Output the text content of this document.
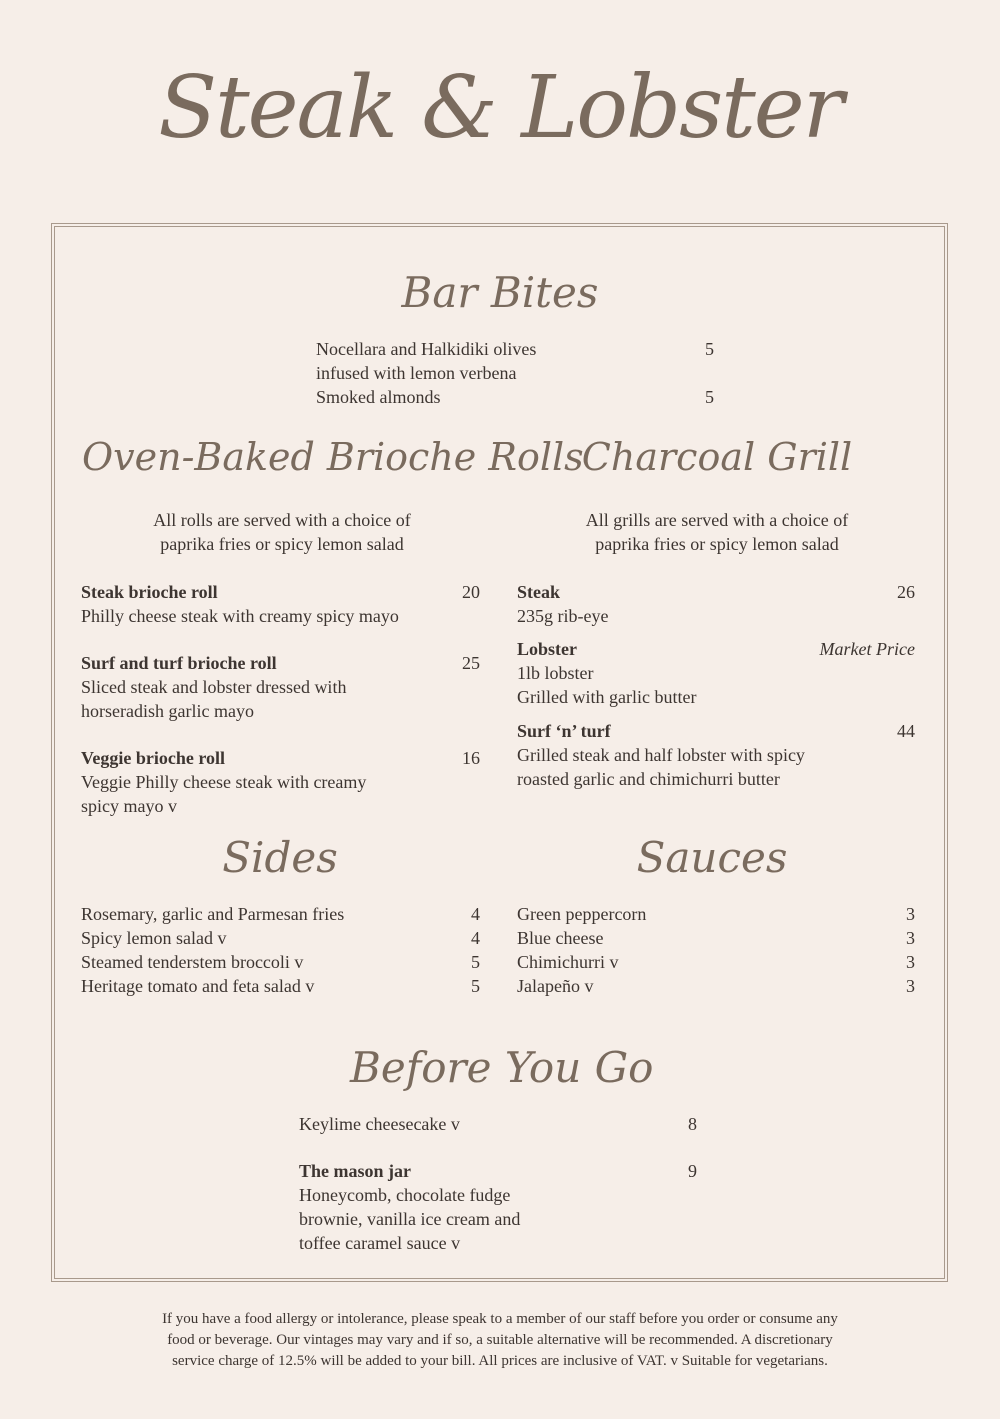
Steak & Lobster
Bar Bites
Nocellara and Halkidiki olives	5
infused with lemon verbena
Smoked almonds	5
Oven-Baked Brioche Rolls
All rolls are served with a choice of
paprika fries or spicy lemon salad
Steak brioche roll	20
Philly cheese steak with creamy spicy mayo
Surf and turf brioche roll	25
Sliced steak and lobster dressed with
horseradish garlic mayo
Veggie brioche roll	16
Veggie Philly cheese steak with creamy
spicy mayo v
Charcoal Grill
All grills are served with a choice of
paprika fries or spicy lemon salad
Steak	26
235g rib-eye
Lobster	Market Price
1lb lobster
Grilled with garlic butter
Surf ‘n’ turf	44
Grilled steak and half lobster with spicy
roasted garlic and chimichurri butter
Sides
Rosemary, garlic and Parmesan fries	4
Spicy lemon salad v	4
Steamed tenderstem broccoli v	5
Heritage tomato and feta salad v	5
Sauces
Green peppercorn	3
Blue cheese	3
Chimichurri v	3
Jalapeño v	3
Before You Go
Keylime cheesecake v	8
The mason jar	9
Honeycomb, chocolate fudge
brownie, vanilla ice cream and
toffee caramel sauce v
If you have a food allergy or intolerance, please speak to a member of our staff before you order or consume any
food or beverage. Our vintages may vary and if so, a suitable alternative will be recommended. A discretionary
service charge of 12.5% will be added to your bill. All prices are inclusive of VAT. v Suitable for vegetarians.
